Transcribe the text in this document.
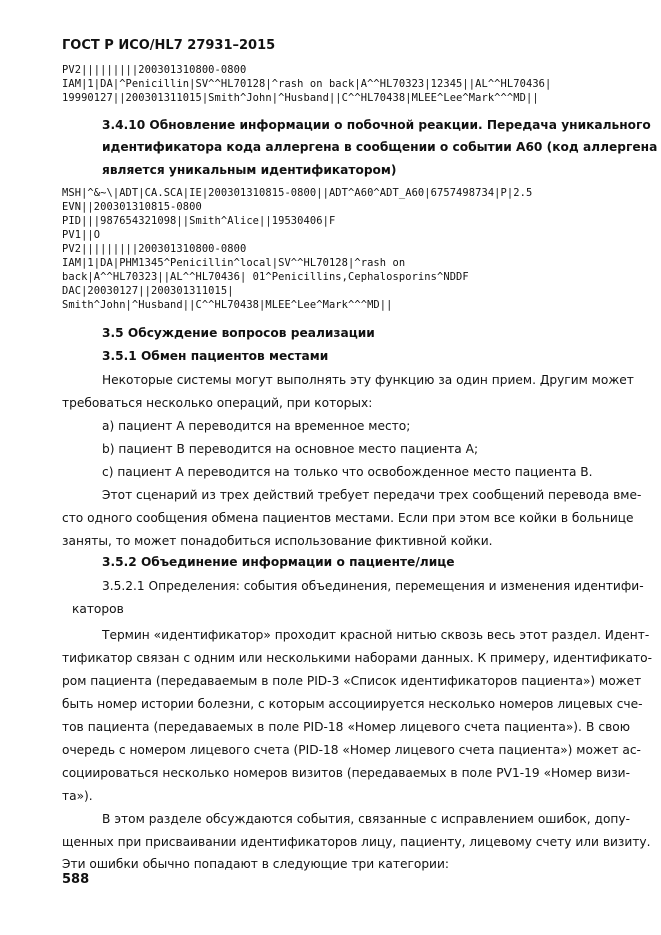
ГОСТ Р ИСО/HL7 27931–2015
PV2|||||||||200301310800-0800
IAM|1|DA|^Penicillin|SV^^HL70128|^rash on back|A^^HL70323|12345||AL^^HL70436|
19990127||200301311015|Smith^John|^Husband||C^^HL70438|MLEE^Lee^Mark^^^MD||
3.4.10 Обновление информации о побочной реакции. Передача уникального
идентификатора кода аллергена в сообщении о событии A60 (код аллергена
является уникальным идентификатором)
MSH|^&~\|ADT|CA.SCA|IE|200301310815-0800||ADT^A60^ADT_A60|6757498734|P|2.5
EVN||200301310815-0800
PID|||987654321098||Smith^Alice||19530406|F
PV1||O
PV2|||||||||200301310800-0800
IAM|1|DA|PHM1345^Penicillin^local|SV^^HL70128|^rash on
back|A^^HL70323||AL^^HL70436| 01^Penicillins,Cephalosporins^NDDF
DAC|20030127||200301311015|
Smith^John|^Husband||C^^HL70438|MLEE^Lee^Mark^^^MD||
3.5 Обсуждение вопросов реализации
3.5.1 Обмен пациентов местами
Некоторые системы могут выполнять эту функцию за один прием. Другим может
требоваться несколько операций, при которых:
a) пациент A переводится на временное место;
b) пациент B переводится на основное место пациента A;
c) пациент A переводится на только что освобожденное место пациента B.
Этот сценарий из трех действий требует передачи трех сообщений перевода вме-
сто одного сообщения обмена пациентов местами. Если при этом все койки в больнице
заняты, то может понадобиться использование фиктивной койки.
3.5.2 Объединение информации о пациенте/лице
3.5.2.1 Определения: события объединения, перемещения и изменения идентифи-
каторов
Термин «идентификатор» проходит красной нитью сквозь весь этот раздел. Идент-
тификатор связан с одним или несколькими наборами данных. К примеру, идентификато-
ром пациента (передаваемым в поле PID-3 «Список идентификаторов пациента») может
быть номер истории болезни, с которым ассоциируется несколько номеров лицевых сче-
тов пациента (передаваемых в поле PID-18 «Номер лицевого счета пациента»). В свою
очередь с номером лицевого счета (PID-18 «Номер лицевого счета пациента») может ас-
социироваться несколько номеров визитов (передаваемых в поле PV1-19 «Номер визи-
та»).
В этом разделе обсуждаются события, связанные с исправлением ошибок, допу-
щенных при присваивании идентификаторов лицу, пациенту, лицевому счету или визиту.
Эти ошибки обычно попадают в следующие три категории:
588
